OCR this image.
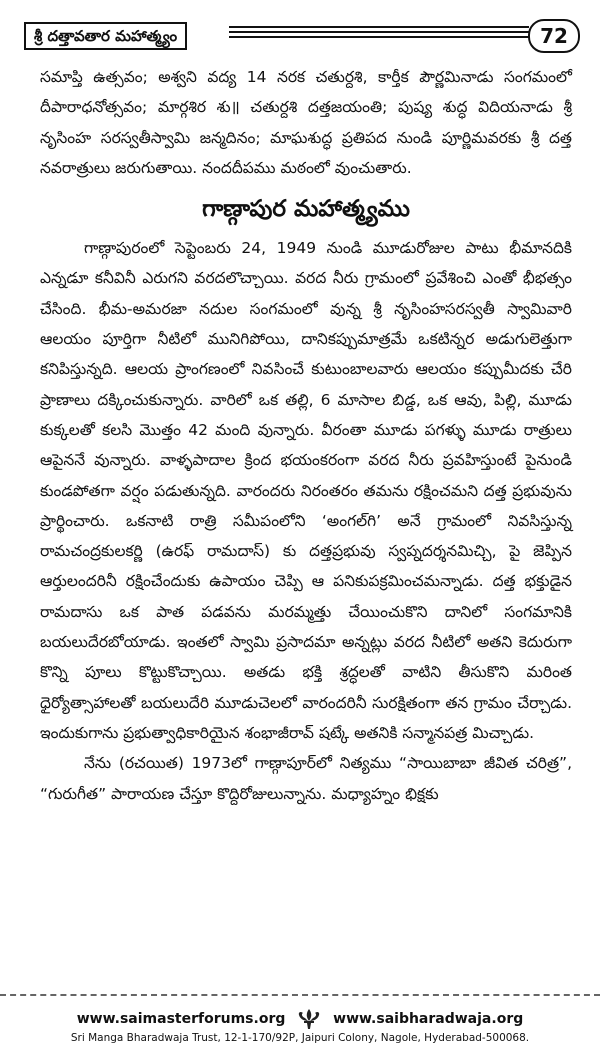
శ్రీ దత్తావతార మహాత్మ్యం	72

సమాప్తి ఉత్సవం; అశ్వని వద్య 14 నరక చతుర్దశి, కార్తీక పౌర్ణమినాడు సంగమంలో దీపారాధనోత్సవం; మార్గశిర శు॥ చతుర్దశి దత్తజయంతి; పుష్య శుద్ధ విదియనాడు శ్రీ నృసింహ సరస్వతీస్వామి జన్మదినం; మాఘశుద్ధ ప్రతిపద నుండి పూర్ణిమవరకు శ్రీ దత్త నవరాత్రులు జరుగుతాయి. నందదీపము మఠంలో వుంచుతారు.

గాణ్గాపుర మహాత్మ్యము

గాణ్గాపురంలో సెప్టెంబరు 24, 1949 నుండి మూడురోజుల పాటు భీమానదికి ఎన్నడూ కనీవినీ ఎరుగని వరదలొచ్చాయి. వరద నీరు గ్రామంలో ప్రవేశించి ఎంతో భీభత్సం చేసింది. భీమ-అమరజా నదుల సంగమంలో వున్న శ్రీ నృసింహసరస్వతీ స్వామివారి ఆలయం పూర్తిగా నీటిలో మునిగిపోయి, దానికప్పుమాత్రమే ఒకటిన్నర అడుగులెత్తుగా కనిపిస్తున్నది. ఆలయ ప్రాంగణంలో నివసించే కుటుంబాలవారు ఆలయం కప్పుమీదకు చేరి ప్రాణాలు దక్కించుకున్నారు. వారిలో ఒక తల్లి, 6 మాసాల బిడ్డ, ఒక ఆవు, పిల్లి, మూడు కుక్కలతో కలసి మొత్తం 42 మంది వున్నారు. వీరంతా మూడు పగళ్ళు మూడు రాత్రులు ఆపైననే వున్నారు. వాళ్ళపాదాల క్రింద భయంకరంగా వరద నీరు ప్రవహిస్తుంటే పైనుండి కుండపోతగా వర్షం పడుతున్నది. వారందరు నిరంతరం తమను రక్షించమని దత్త ప్రభువును ప్రార్థించారు. ఒకనాటి రాత్రి సమీపంలోని ‘అంగల్‌గి’ అనే గ్రామంలో నివసిస్తున్న రామచంద్రకులకర్ణి (ఉరఫ్ రామదాస్) కు దత్తప్రభువు స్వప్నదర్శనమిచ్చి, పై జెప్పిన ఆర్తులందరినీ రక్షించేందుకు ఉపాయం చెప్పి ఆ పనికుపక్రమించమన్నాడు. దత్త భక్తుడైన రామదాసు ఒక పాత పడవను మరమ్మత్తు చేయించుకొని దానిలో సంగమానికి బయలుదేరబోయాడు. ఇంతలో స్వామి ప్రసాదమా అన్నట్లు వరద నీటిలో అతని కెదురుగా కొన్ని పూలు కొట్టుకొచ్చాయి. అతడు భక్తి శ్రద్ధలతో వాటిని తీసుకొని మరింత ధైర్యోత్సాహాలతో బయలుదేరి మూడుచెలలో వారందరినీ సురక్షితంగా తన గ్రామం చేర్చాడు. ఇందుకుగాను ప్రభుత్వాధికారియైన శంభాజీరావ్ షట్కే అతనికి సన్మానపత్ర మిచ్చాడు.

నేను (రచయిత) 1973లో గాణ్గాపూర్‌లో నిత్యము “సాయిబాబా జీవిత చరిత్ర”, “గురుగీత” పారాయణ చేస్తూ కొద్దిరోజులున్నాను. మధ్యాహ్నం భిక్షకు

www.saimasterforums.org	www.saibharadwaja.org
Sri Manga Bharadwaja Trust, 12-1-170/92P, Jaipuri Colony, Nagole, Hyderabad-500068.
